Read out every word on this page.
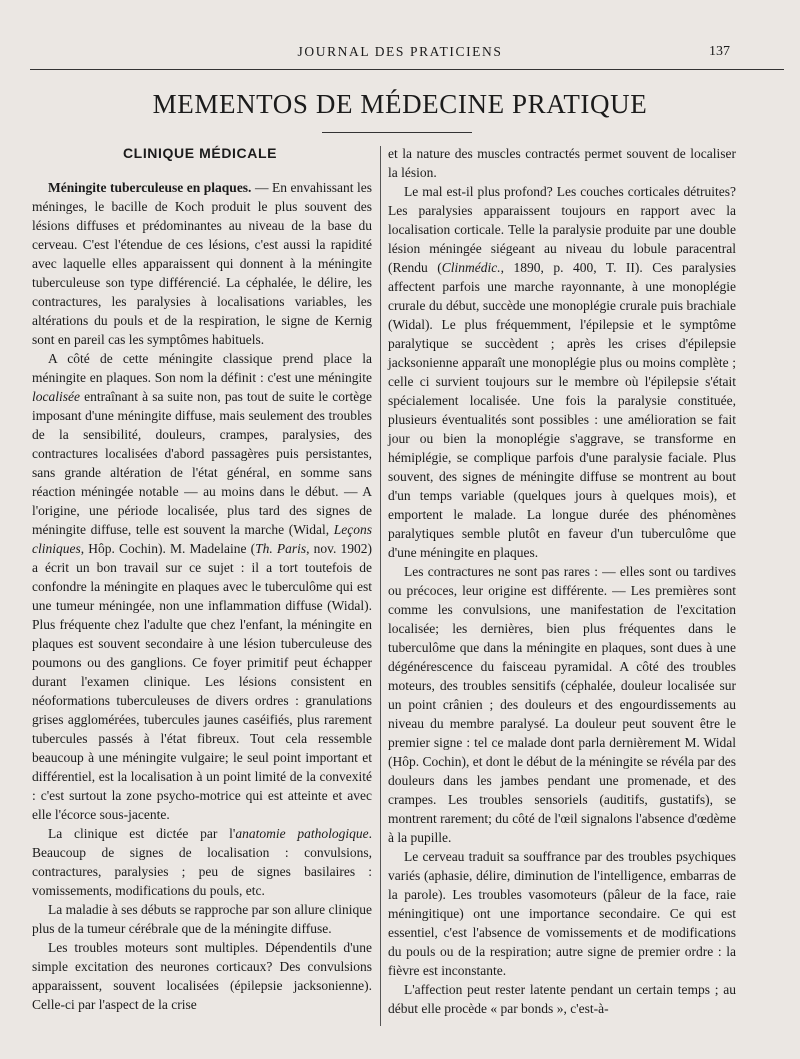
JOURNAL DES PRATICIENS	137
MEMENTOS DE MÉDECINE PRATIQUE
CLINIQUE MÉDICALE

Méningite tuberculeuse en plaques. — En envahissant les méninges, le bacille de Koch produit le plus souvent des lésions diffuses et prédominantes au niveau de la base du cerveau. C'est l'étendue de ces lésions, c'est aussi la rapidité avec laquelle elles apparaissent qui donnent à la méningite tuberculeuse son type différencié. La céphalée, le délire, les contractures, les paralysies à localisations variables, les altérations du pouls et de la respiration, le signe de Kernig sont en pareil cas les symptômes habituels.

A côté de cette méningite classique prend place la méningite en plaques. Son nom la définit : c'est une méningite localisée entraînant à sa suite non, pas tout de suite le cortège imposant d'une méningite diffuse, mais seulement des troubles de la sensibilité, douleurs, crampes, paralysies, des contractures localisées d'abord passagères puis persistantes, sans grande altération de l'état général, en somme sans réaction méningée notable — au moins dans le début. — A l'origine, une période localisée, plus tard des signes de méningite diffuse, telle est souvent la marche (Widal, Leçons cliniques, Hôp. Cochin). M. Madelaine (Th. Paris, nov. 1902) a écrit un bon travail sur ce sujet : il a tort toutefois de confondre la méningite en plaques avec le tuberculôme qui est une tumeur méningée, non une inflammation diffuse (Widal). Plus fréquente chez l'adulte que chez l'enfant, la méningite en plaques est souvent secondaire à une lésion tuberculeuse des poumons ou des ganglions. Ce foyer primitif peut échapper durant l'examen clinique. Les lésions consistent en néoformations tuberculeuses de divers ordres : granulations grises agglomérées, tubercules jaunes caséifiés, plus rarement tubercules passés à l'état fibreux. Tout cela ressemble beaucoup à une méningite vulgaire; le seul point important et différentiel, est la localisation à un point limité de la convexité : c'est surtout la zone psycho-motrice qui est atteinte et avec elle l'écorce sous-jacente.

La clinique est dictée par l'anatomie pathologique. Beaucoup de signes de localisation : convulsions, contractures, paralysies ; peu de signes basilaires : vomissements, modifications du pouls, etc.

La maladie à ses débuts se rapproche par son allure clinique plus de la tumeur cérébrale que de la méningite diffuse.

Les troubles moteurs sont multiples. Dépendentils d'une simple excitation des neurones corticaux? Des convulsions apparaissent, souvent localisées (épilepsie jacksonienne). Celle-ci par l'aspect de la crise

et la nature des muscles contractés permet souvent de localiser la lésion.

Le mal est-il plus profond? Les couches corticales détruites? Les paralysies apparaissent toujours en rapport avec la localisation corticale. Telle la paralysie produite par une double lésion méningée siégeant au niveau du lobule paracentral (Rendu (Clinmédic., 1890, p. 400, T. II). Ces paralysies affectent parfois une marche rayonnante, à une monoplégie crurale du début, succède une monoplégie crurale puis brachiale (Widal). Le plus fréquemment, l'épilepsie et le symptôme paralytique se succèdent ; après les crises d'épilepsie jacksonienne apparaît une monoplégie plus ou moins complète ; celle ci survient toujours sur le membre où l'épilepsie s'était spécialement localisée. Une fois la paralysie constituée, plusieurs éventualités sont possibles : une amélioration se fait jour ou bien la monoplégie s'aggrave, se transforme en hémiplégie, se complique parfois d'une paralysie faciale. Plus souvent, des signes de méningite diffuse se montrent au bout d'un temps variable (quelques jours à quelques mois), et emportent le malade. La longue durée des phénomènes paralytiques semble plutôt en faveur d'un tuberculôme que d'une méningite en plaques.

Les contractures ne sont pas rares : — elles sont ou tardives ou précoces, leur origine est différente. — Les premières sont comme les convulsions, une manifestation de l'excitation localisée; les dernières, bien plus fréquentes dans le tuberculôme que dans la méningite en plaques, sont dues à une dégénérescence du faisceau pyramidal. A côté des troubles moteurs, des troubles sensitifs (céphalée, douleur localisée sur un point crânien ; des douleurs et des engourdissements au niveau du membre paralysé. La douleur peut souvent être le premier signe : tel ce malade dont parla dernièrement M. Widal (Hôp. Cochin), et dont le début de la méningite se révéla par des douleurs dans les jambes pendant une promenade, et des crampes. Les troubles sensoriels (auditifs, gustatifs), se montrent rarement; du côté de l'œil signalons l'absence d'œdème à la pupille.

Le cerveau traduit sa souffrance par des troubles psychiques variés (aphasie, délire, diminution de l'intelligence, embarras de la parole). Les troubles vasomoteurs (pâleur de la face, raie méningitique) ont une importance secondaire. Ce qui est essentiel, c'est l'absence de vomissements et de modifications du pouls ou de la respiration; autre signe de premier ordre : la fièvre est inconstante.

L'affection peut rester latente pendant un certain temps ; au début elle procède « par bonds », c'est-à-
